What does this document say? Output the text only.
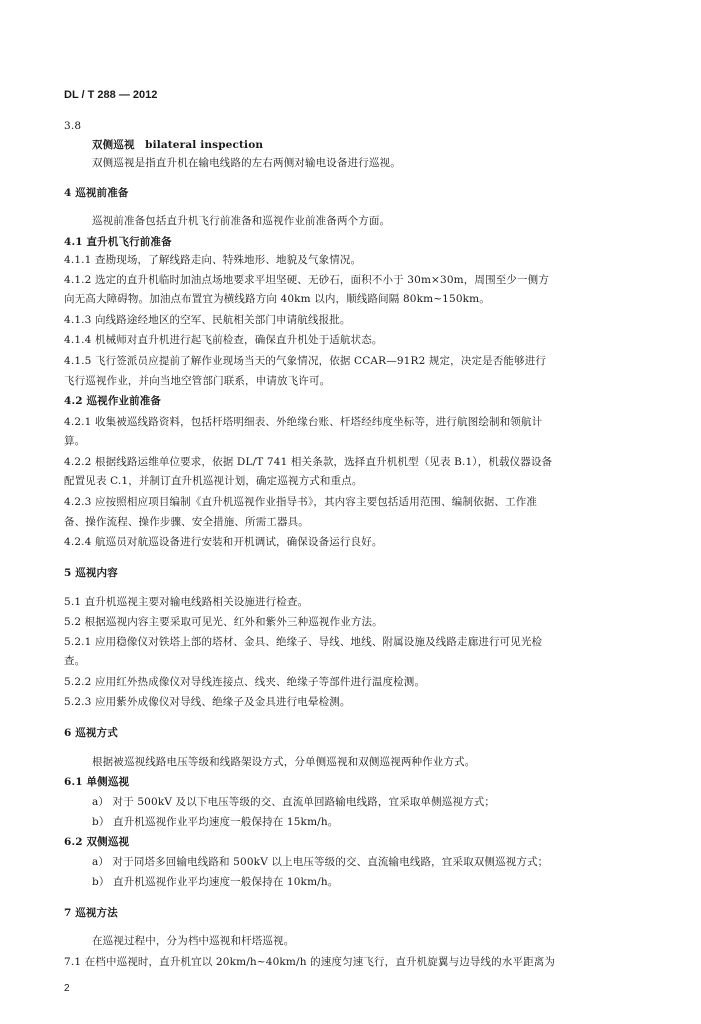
DL / T 288 — 2012
3.8
双侧巡视 bilateral inspection
双侧巡视是指直升机在输电线路的左右两侧对输电设备进行巡视。
4 巡视前准备
巡视前准备包括直升机飞行前准备和巡视作业前准备两个方面。
4.1 直升机飞行前准备
4.1.1 查勘现场，了解线路走向、特殊地形、地貌及气象情况。
4.1.2 选定的直升机临时加油点场地要求平坦坚硬、无砂石，面积不小于 30m×30m，周围至少一侧方
向无高大障碍物。加油点布置宜为横线路方向 40km 以内，顺线路间隔 80km~150km。
4.1.3 向线路途经地区的空军、民航相关部门申请航线报批。
4.1.4 机械师对直升机进行起飞前检查，确保直升机处于适航状态。
4.1.5 飞行签派员应提前了解作业现场当天的气象情况，依据 CCAR—91R2 规定，决定是否能够进行
飞行巡视作业，并向当地空管部门联系，申请放飞许可。
4.2 巡视作业前准备
4.2.1 收集被巡线路资料，包括杆塔明细表、外绝缘台账、杆塔经纬度坐标等，进行航图绘制和领航计
算。
4.2.2 根据线路运维单位要求，依据 DL/T 741 相关条款，选择直升机机型（见表 B.1），机载仪器设备
配置见表 C.1，并制订直升机巡视计划，确定巡视方式和重点。
4.2.3 应按照相应项目编制《直升机巡视作业指导书》，其内容主要包括适用范围、编制依据、工作准
备、操作流程、操作步骤、安全措施、所需工器具。
4.2.4 航巡员对航巡设备进行安装和开机调试，确保设备运行良好。
5 巡视内容
5.1 直升机巡视主要对输电线路相关设施进行检查。
5.2 根据巡视内容主要采取可见光、红外和紫外三种巡视作业方法。
5.2.1 应用稳像仪对铁塔上部的塔材、金具、绝缘子、导线、地线、附属设施及线路走廊进行可见光检
查。
5.2.2 应用红外热成像仪对导线连接点、线夹、绝缘子等部件进行温度检测。
5.2.3 应用紫外成像仪对导线、绝缘子及金具进行电晕检测。
6 巡视方式
根据被巡视线路电压等级和线路架设方式，分单侧巡视和双侧巡视两种作业方式。
6.1 单侧巡视
a） 对于 500kV 及以下电压等级的交、直流单回路输电线路，宜采取单侧巡视方式；
b） 直升机巡视作业平均速度一般保持在 15km/h。
6.2 双侧巡视
a） 对于同塔多回输电线路和 500kV 以上电压等级的交、直流输电线路，宜采取双侧巡视方式；
b） 直升机巡视作业平均速度一般保持在 10km/h。
7 巡视方法
在巡视过程中，分为档中巡视和杆塔巡视。
7.1 在档中巡视时，直升机宜以 20km/h~40km/h 的速度匀速飞行，直升机旋翼与边导线的水平距离为
2
